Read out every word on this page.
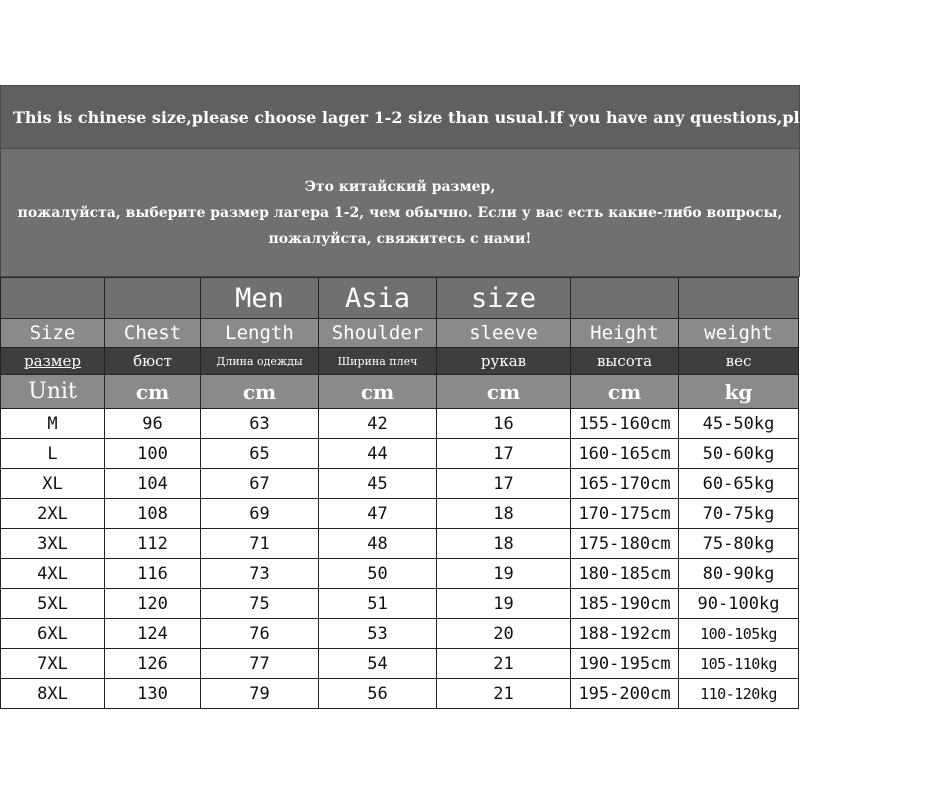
This is chinese size,please choose lager 1-2 size than usual.If you have any questions,please contact us!
Это китайский размер,
пожалуйста, выберите размер лагера 1-2, чем обычно. Если у вас есть какие-либо вопросы,
пожалуйста, свяжитесь с нами!
		Men	Asia	size		
Size	Chest	Length	Shoulder	sleeve	Height	weight
размер	бюст	Длина одежды	Ширина плеч	рукав	высота	вес
Unit	cm	cm	cm	cm	cm	kg
M	96	63	42	16	155-160cm	45-50kg
L	100	65	44	17	160-165cm	50-60kg
XL	104	67	45	17	165-170cm	60-65kg
2XL	108	69	47	18	170-175cm	70-75kg
3XL	112	71	48	18	175-180cm	75-80kg
4XL	116	73	50	19	180-185cm	80-90kg
5XL	120	75	51	19	185-190cm	90-100kg
6XL	124	76	53	20	188-192cm	100-105kg
7XL	126	77	54	21	190-195cm	105-110kg
8XL	130	79	56	21	195-200cm	110-120kg
